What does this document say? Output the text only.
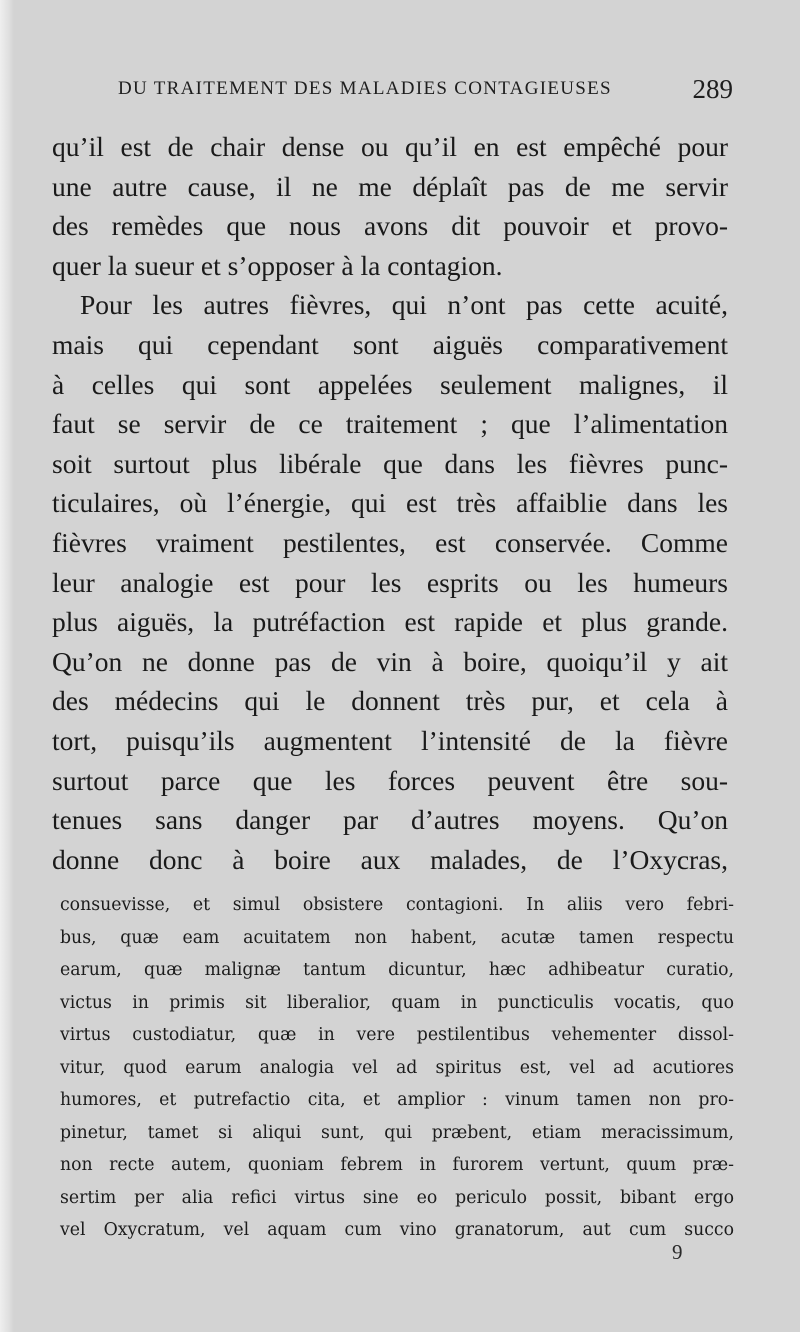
DU TRAITEMENT DES MALADIES CONTAGIEUSES	289
qu’il est de chair dense ou qu’il en est empêché pour
une autre cause, il ne me déplaît pas de me servir
des remèdes que nous avons dit pouvoir et provo-
quer la sueur et s’opposer à la contagion.
Pour les autres fièvres, qui n’ont pas cette acuité,
mais qui cependant sont aiguës comparativement
à celles qui sont appelées seulement malignes, il
faut se servir de ce traitement ; que l’alimentation
soit surtout plus libérale que dans les fièvres punc-
ticulaires, où l’énergie, qui est très affaiblie dans les
fièvres vraiment pestilentes, est conservée. Comme
leur analogie est pour les esprits ou les humeurs
plus aiguës, la putréfaction est rapide et plus grande.
Qu’on ne donne pas de vin à boire, quoiqu’il y ait
des médecins qui le donnent très pur, et cela à
tort, puisqu’ils augmentent l’intensité de la fièvre
surtout parce que les forces peuvent être sou-
tenues sans danger par d’autres moyens. Qu’on
donne donc à boire aux malades, de l’Oxycras,
consuevisse, et simul obsistere contagioni. In aliis vero febri-
bus, quæ eam acuitatem non habent, acutæ tamen respectu
earum, quæ malignæ tantum dicuntur, hæc adhibeatur curatio,
victus in primis sit liberalior, quam in puncticulis vocatis, quo
virtus custodiatur, quæ in vere pestilentibus vehementer dissol-
vitur, quod earum analogia vel ad spiritus est, vel ad acutiores
humores, et putrefactio cita, et amplior : vinum tamen non pro-
pinetur, tamet si aliqui sunt, qui præbent, etiam meracissimum,
non recte autem, quoniam febrem in furorem vertunt, quum præ-
sertim per alia refici virtus sine eo periculo possit, bibant ergo
vel Oxycratum, vel aquam cum vino granatorum, aut cum succo
9
